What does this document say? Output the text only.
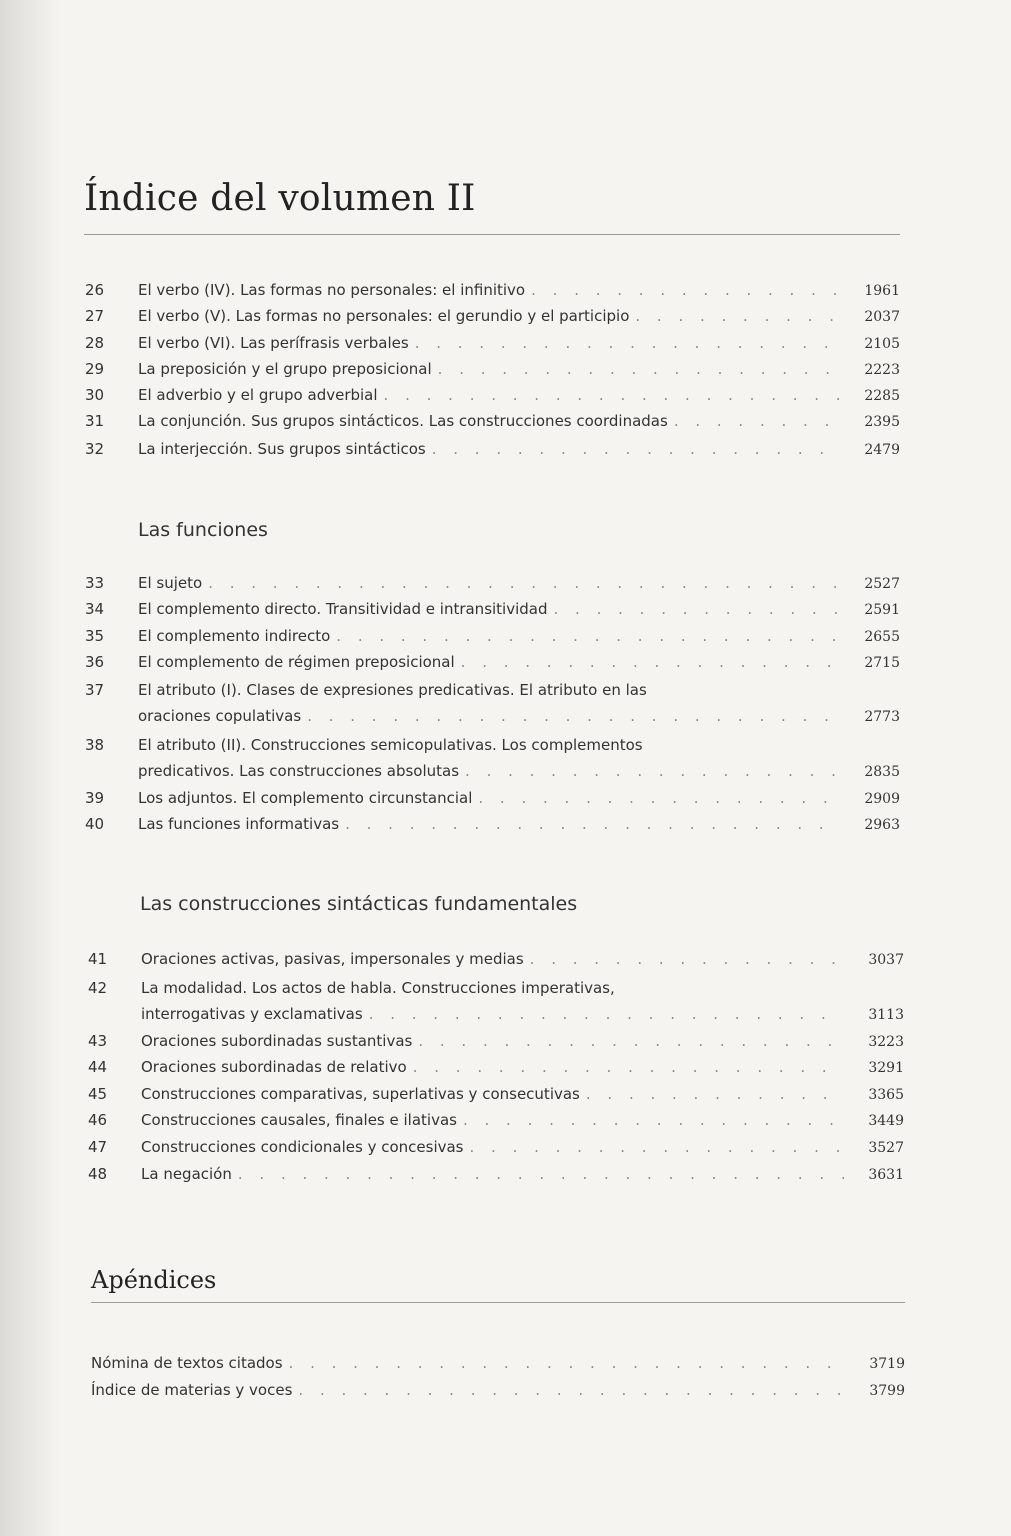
Índice del volumen II
26 El verbo (IV). Las formas no personales: el infinitivo . . .	1961
27 El verbo (V). Las formas no personales: el gerundio y el participio . . .	2037
28 El verbo (VI). Las perífrasis verbales . . .	2105
29 La preposición y el grupo preposicional . . .	2223
30 El adverbio y el grupo adverbial . . .	2285
31 La conjunción. Sus grupos sintácticos. Las construcciones coordinadas . . .	2395
32 La interjección. Sus grupos sintácticos . . .	2479
Las funciones
33 El sujeto . . .	2527
34 El complemento directo. Transitividad e intransitividad . . .	2591
35 El complemento indirecto . . .	2655
36 El complemento de régimen preposicional . . .	2715
37 El atributo (I). Clases de expresiones predicativas. El atributo en las
oraciones copulativas . . .	2773
38 El atributo (II). Construcciones semicopulativas. Los complementos
predicativos. Las construcciones absolutas . . .	2835
39 Los adjuntos. El complemento circunstancial . . .	2909
40 Las funciones informativas . . .	2963
Las construcciones sintácticas fundamentales
41 Oraciones activas, pasivas, impersonales y medias . . .	3037
42 La modalidad. Los actos de habla. Construcciones imperativas,
interrogativas y exclamativas . . .	3113
43 Oraciones subordinadas sustantivas . . .	3223
44 Oraciones subordinadas de relativo . . .	3291
45 Construcciones comparativas, superlativas y consecutivas . . .	3365
46 Construcciones causales, finales e ilativas . . .	3449
47 Construcciones condicionales y concesivas . . .	3527
48 La negación . . .	3631
Apéndices
Nómina de textos citados . . .	3719
Índice de materias y voces . . .	3799
